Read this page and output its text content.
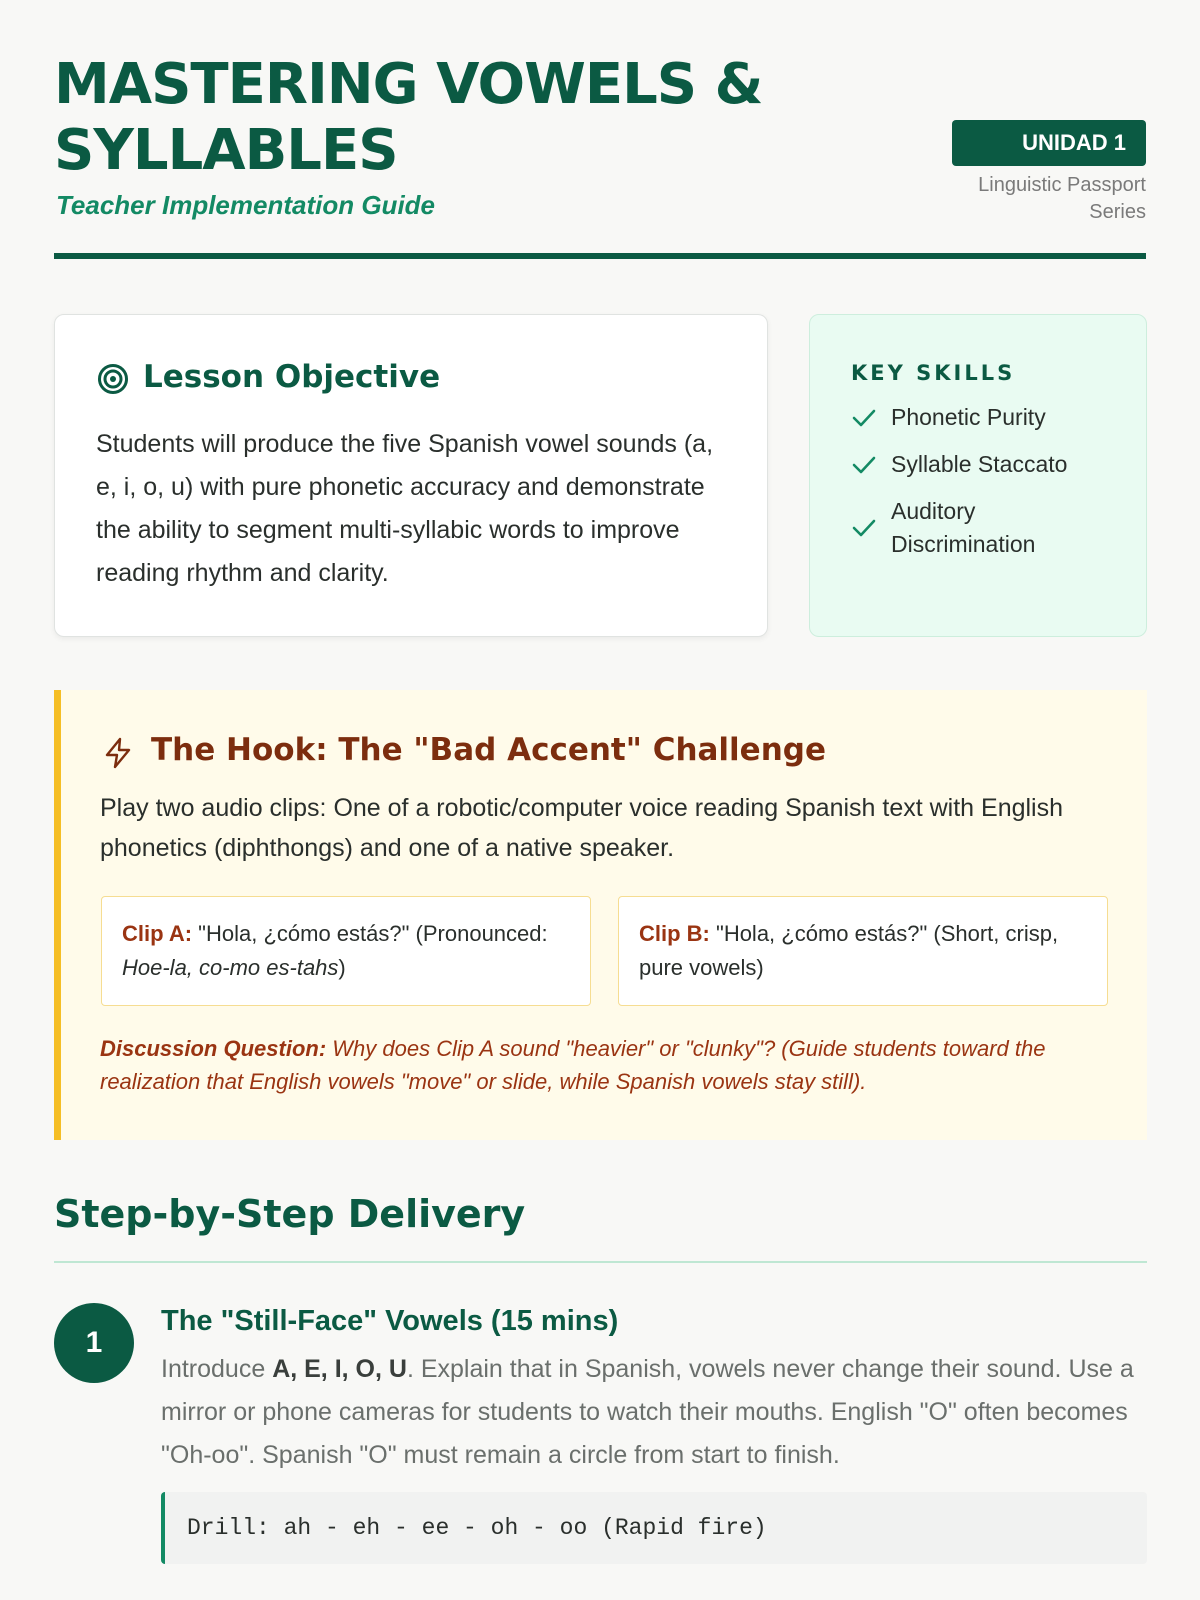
MASTERING VOWELS & SYLLABLES
Teacher Implementation Guide
UNIDAD 1
Linguistic Passport Series
Lesson Objective
Students will produce the five Spanish vowel sounds (a, e, i, o, u) with pure phonetic accuracy and demonstrate the ability to segment multi-syllabic words to improve reading rhythm and clarity.
KEY SKILLS
Phonetic Purity
Syllable Staccato
Auditory Discrimination
The Hook: The "Bad Accent" Challenge
Play two audio clips: One of a robotic/computer voice reading Spanish text with English phonetics (diphthongs) and one of a native speaker.
Clip A: "Hola, ¿cómo estás?" (Pronounced: Hoe-la, co-mo es-tahs)
Clip B: "Hola, ¿cómo estás?" (Short, crisp, pure vowels)
Discussion Question: Why does Clip A sound "heavier" or "clunky"? (Guide students toward the realization that English vowels "move" or slide, while Spanish vowels stay still).
Step-by-Step Delivery
1
The "Still-Face" Vowels (15 mins)
Introduce A, E, I, O, U. Explain that in Spanish, vowels never change their sound. Use a mirror or phone cameras for students to watch their mouths. English "O" often becomes "Oh-oo". Spanish "O" must remain a circle from start to finish.
Drill: ah - eh - ee - oh - oo (Rapid fire)
